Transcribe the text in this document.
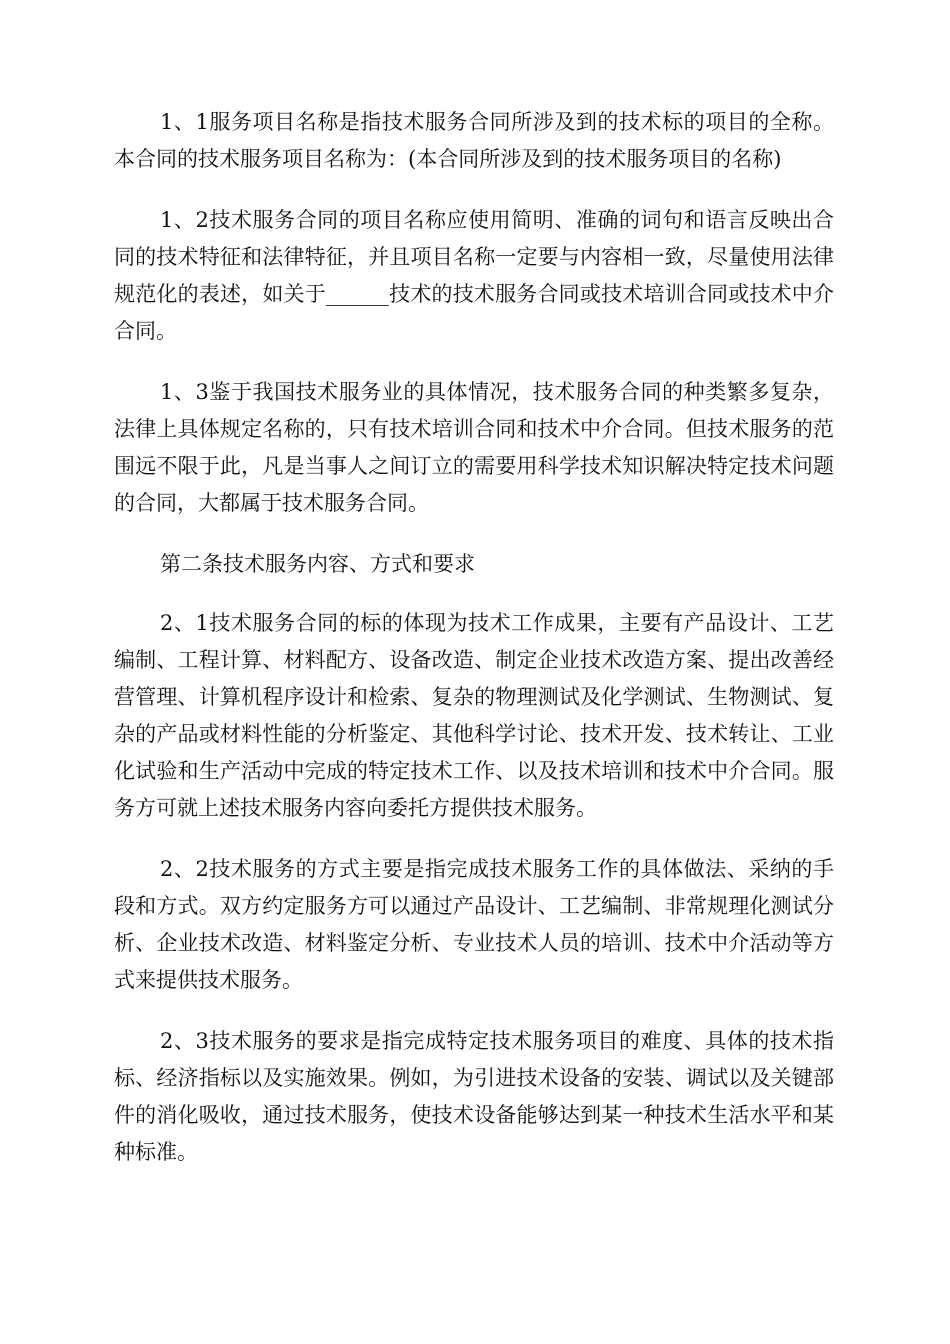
1、1服务项目名称是指技术服务合同所涉及到的技术标的项目的全称。本合同的技术服务项目名称为：(本合同所涉及到的技术服务项目的名称)

1、2技术服务合同的项目名称应使用简明、准确的词句和语言反映出合同的技术特征和法律特征，并且项目名称一定要与内容相一致，尽量使用法律规范化的表述，如关于______技术的技术服务合同或技术培训合同或技术中介合同。

1、3鉴于我国技术服务业的具体情况，技术服务合同的种类繁多复杂，法律上具体规定名称的，只有技术培训合同和技术中介合同。但技术服务的范围远不限于此，凡是当事人之间订立的需要用科学技术知识解决特定技术问题的合同，大都属于技术服务合同。

第二条技术服务内容、方式和要求

2、1技术服务合同的标的体现为技术工作成果，主要有产品设计、工艺编制、工程计算、材料配方、设备改造、制定企业技术改造方案、提出改善经营管理、计算机程序设计和检索、复杂的物理测试及化学测试、生物测试、复杂的产品或材料性能的分析鉴定、其他科学讨论、技术开发、技术转让、工业化试验和生产活动中完成的特定技术工作、以及技术培训和技术中介合同。服务方可就上述技术服务内容向委托方提供技术服务。

2、2技术服务的方式主要是指完成技术服务工作的具体做法、采纳的手段和方式。双方约定服务方可以通过产品设计、工艺编制、非常规理化测试分析、企业技术改造、材料鉴定分析、专业技术人员的培训、技术中介活动等方式来提供技术服务。

2、3技术服务的要求是指完成特定技术服务项目的难度、具体的技术指标、经济指标以及实施效果。例如，为引进技术设备的安装、调试以及关键部件的消化吸收，通过技术服务，使技术设备能够达到某一种技术生活水平和某种标准。
